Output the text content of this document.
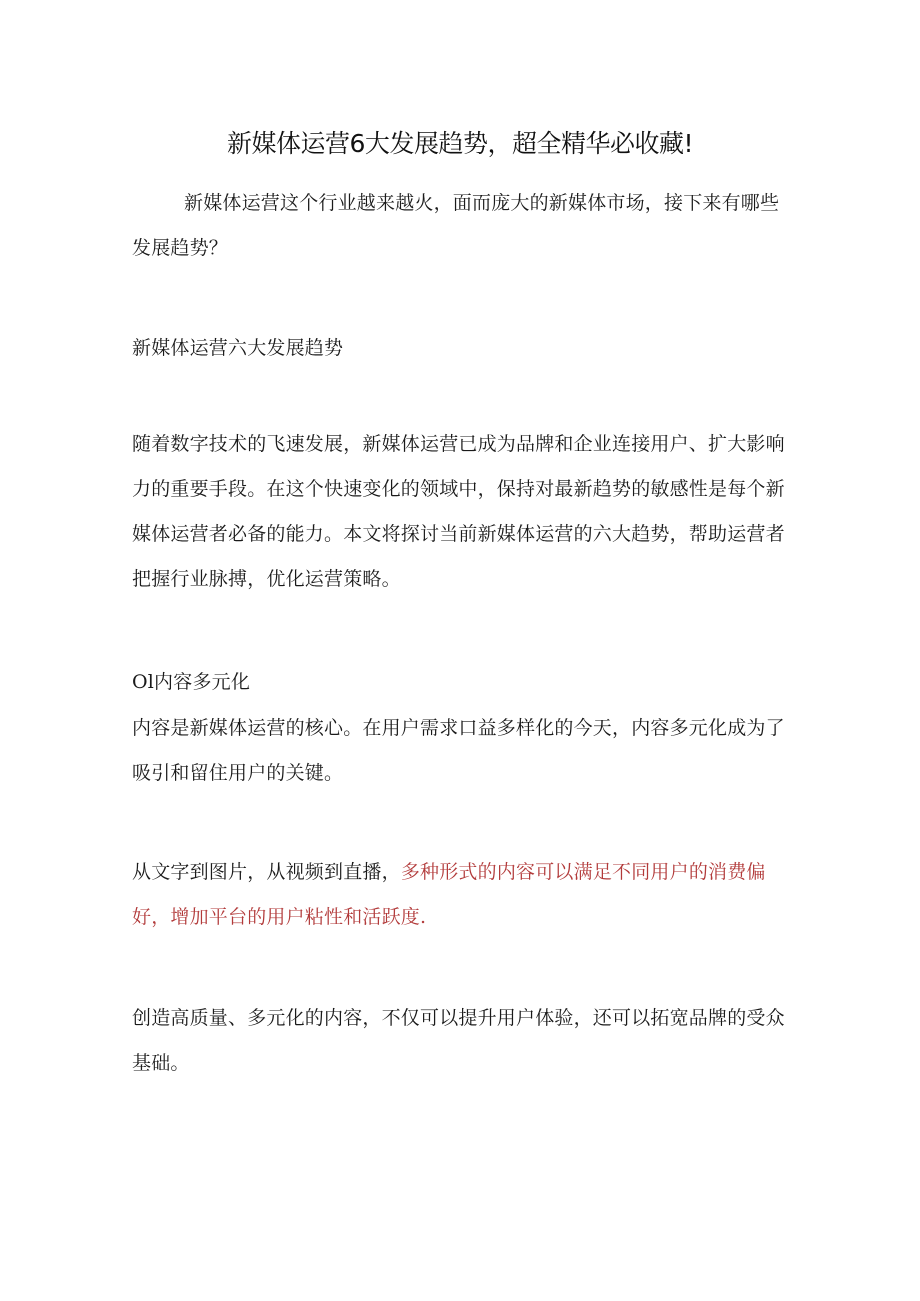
新媒体运营6大发展趋势，超全精华必收藏!

新媒体运营这个行业越来越火，面而庞大的新媒体市场，接下来有哪些发展趋势？

新媒体运营六大发展趋势

随着数字技术的飞速发展，新媒体运营已成为品牌和企业连接用户、扩大影响力的重要手段。在这个快速变化的领域中，保持对最新趋势的敏感性是每个新媒体运营者必备的能力。本文将探讨当前新媒体运营的六大趋势，帮助运营者把握行业脉搏，优化运营策略。

Ol内容多元化

内容是新媒体运营的核心。在用户需求口益多样化的今天，内容多元化成为了吸引和留住用户的关键。

从文字到图片，从视频到直播，多种形式的内容可以满足不同用户的消费偏好，增加平台的用户粘性和活跃度.

创造高质量、多元化的内容，不仅可以提升用户体验，还可以拓宽品牌的受众基础。
